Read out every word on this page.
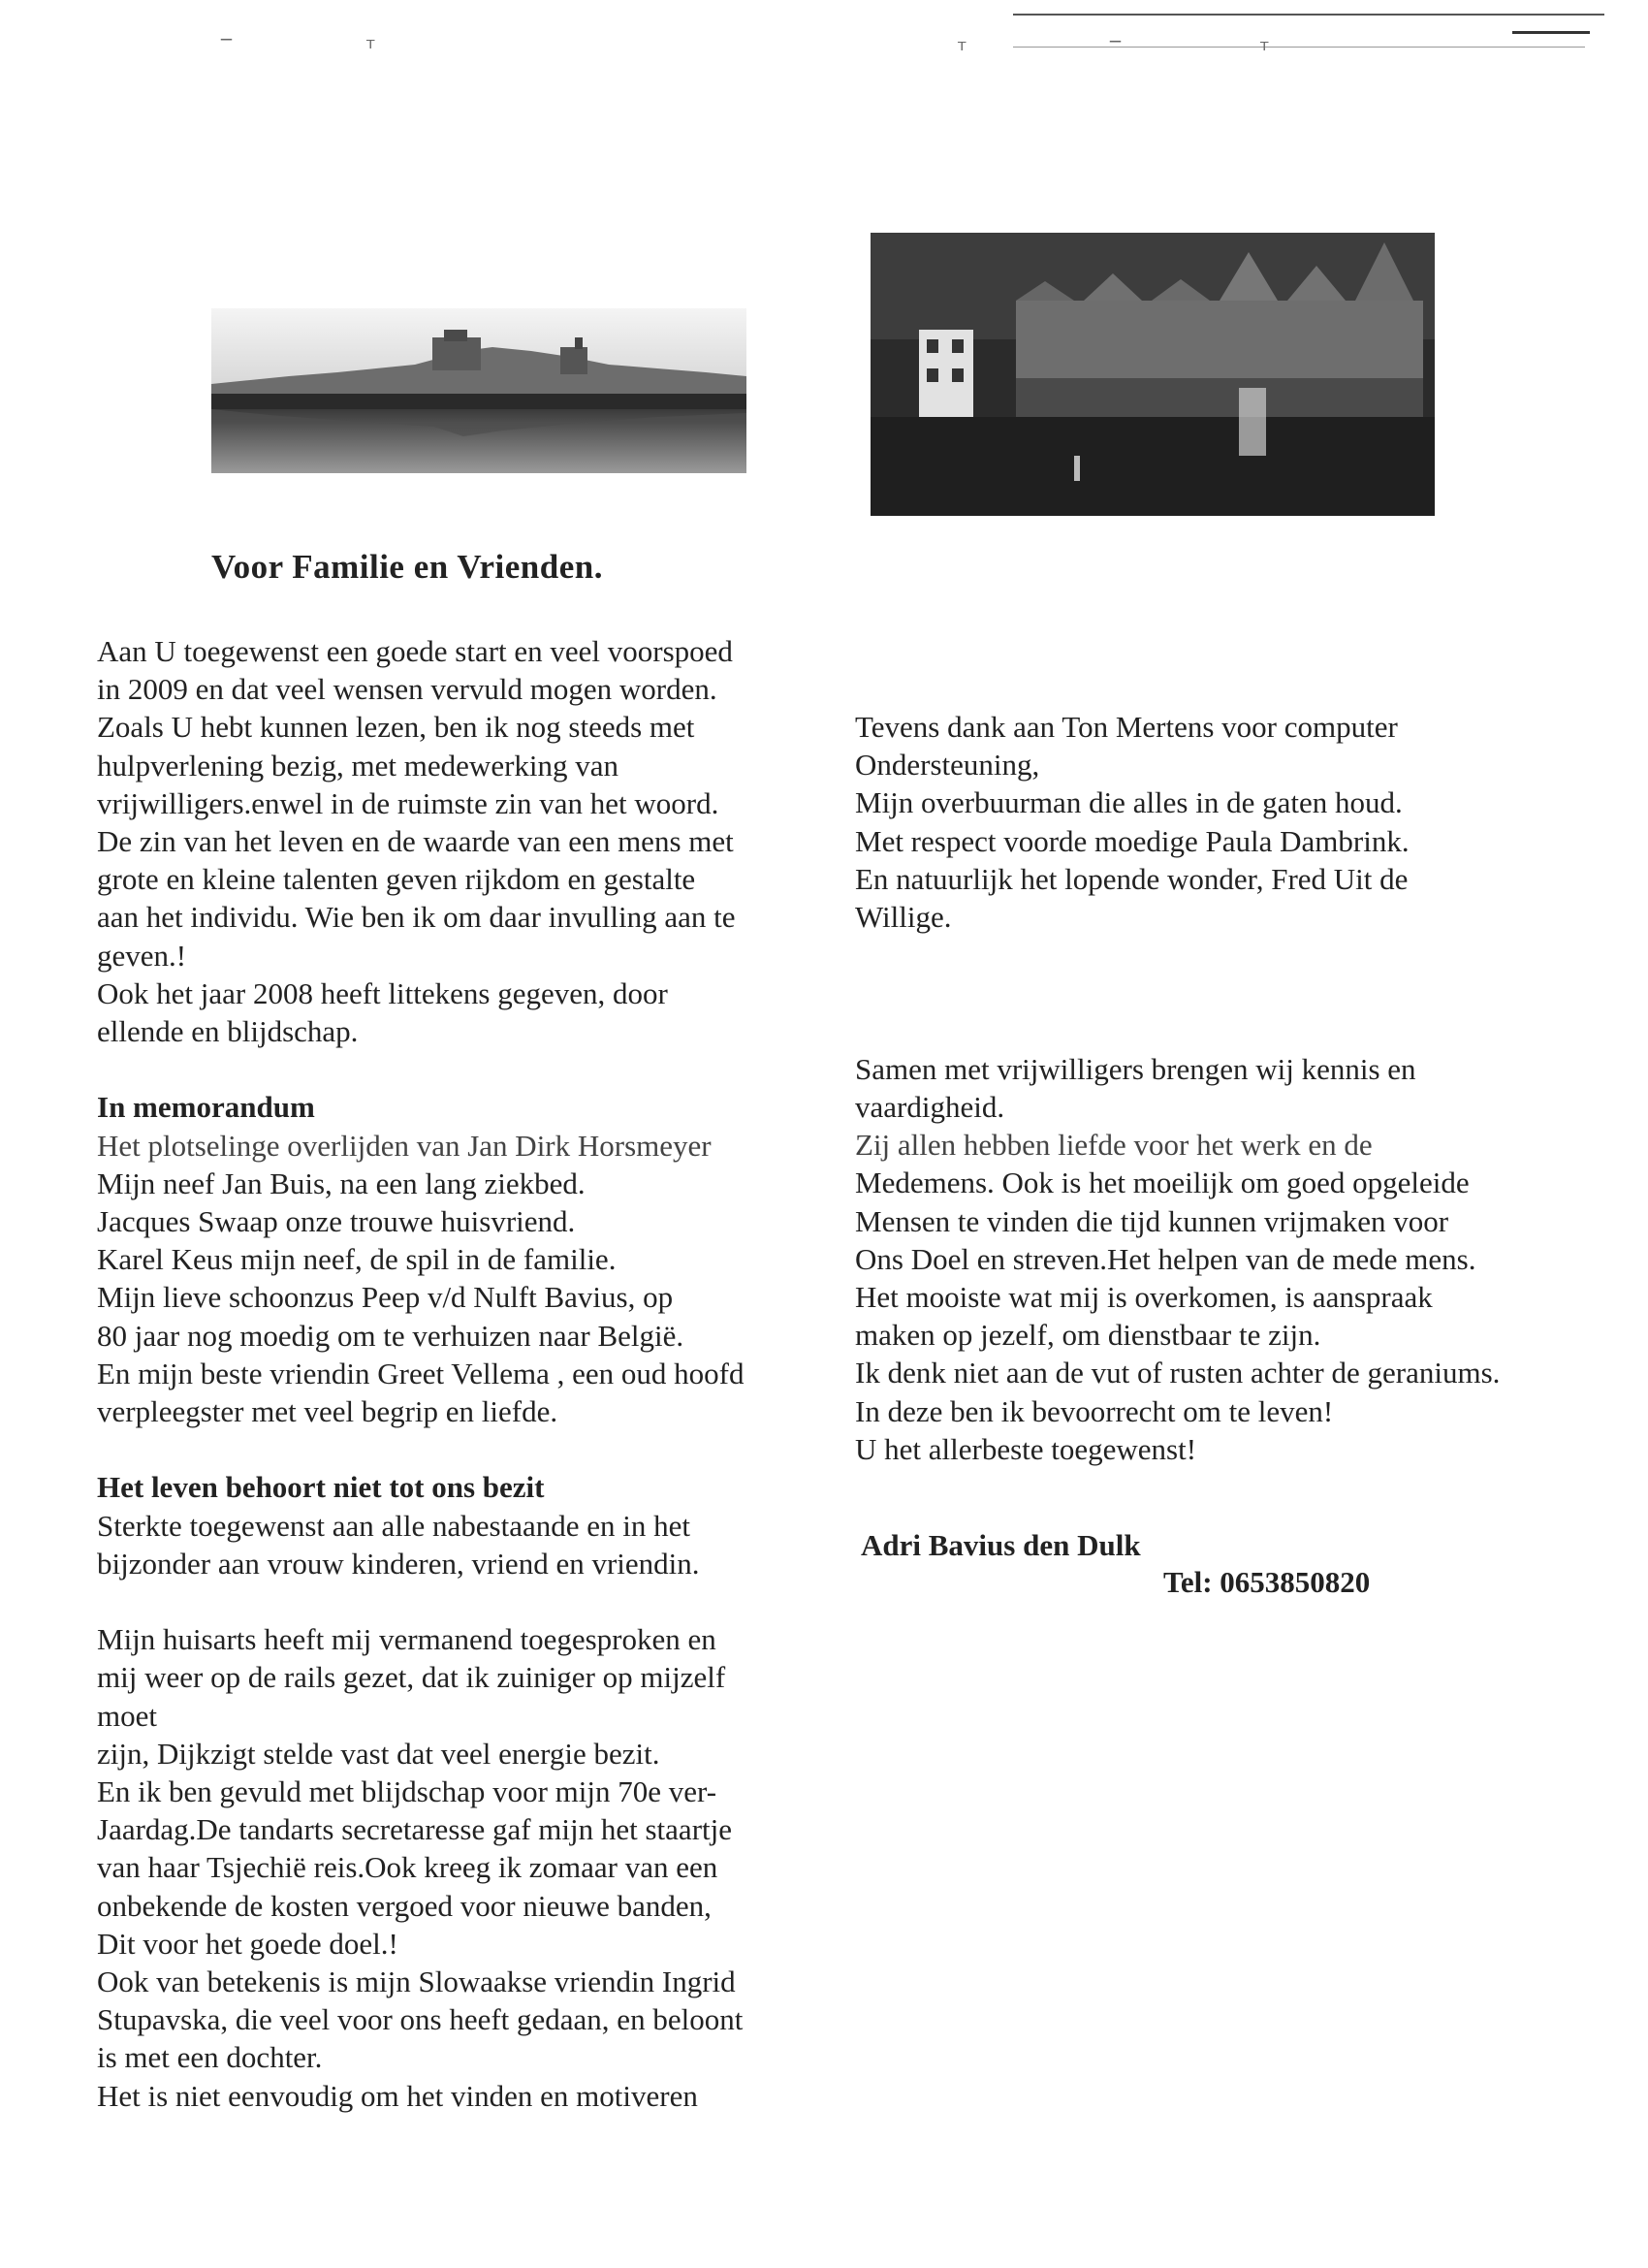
‾	ᵀ	ᵀ	‾	ᵀ
Voor Familie en Vrienden.

Aan U toegewenst een goede start en veel voorspoed

in 2009 en dat veel wensen vervuld mogen worden.

Zoals U hebt kunnen lezen, ben ik nog steeds met

hulpverlening bezig, met medewerking van

vrijwilligers.enwel in de ruimste zin van het woord.

De zin van het leven en de waarde van een mens met

grote en kleine talenten geven rijkdom en gestalte

aan het individu. Wie ben ik om daar invulling aan te

geven.!

Ook het jaar 2008 heeft littekens gegeven, door

ellende en blijdschap.

In memorandum

Het plotselinge overlijden van Jan Dirk Horsmeyer

Mijn neef Jan Buis, na een lang ziekbed.

Jacques Swaap onze trouwe huisvriend.

Karel Keus mijn neef, de spil in de familie.

Mijn lieve schoonzus Peep v/d Nulft Bavius, op

80 jaar nog moedig om te verhuizen naar België.

En mijn beste vriendin Greet Vellema , een oud hoofd

verpleegster met veel begrip en liefde.

Het leven behoort niet tot ons bezit

Sterkte toegewenst aan alle nabestaande en in het

bijzonder aan vrouw kinderen, vriend en vriendin.

Mijn huisarts heeft mij vermanend toegesproken en

mij weer op de rails gezet, dat ik zuiniger op mijzelf

moet

zijn, Dijkzigt stelde vast dat veel energie bezit.

En ik ben gevuld met blijdschap voor mijn 70e ver-

Jaardag.De tandarts secretaresse gaf mijn het staartje

van haar Tsjechië reis.Ook kreeg ik zomaar van een

onbekende de kosten vergoed voor nieuwe banden,

Dit voor het goede doel.!

Ook van betekenis is mijn Slowaakse vriendin Ingrid

Stupavska, die veel voor ons heeft gedaan, en beloont

is met een dochter.

Het is niet eenvoudig om het vinden en motiveren

Tevens dank aan Ton Mertens voor computer

Ondersteuning,

Mijn overbuurman die alles in de gaten houd.

Met respect voorde moedige Paula Dambrink.

En natuurlijk het lopende wonder, Fred Uit de

Willige.

Samen met vrijwilligers brengen wij kennis en

vaardigheid.

Zij allen hebben liefde voor het werk en de

Medemens. Ook is het moeilijk om goed opgeleide

Mensen te vinden die tijd kunnen vrijmaken voor

Ons Doel en streven.Het helpen van de mede mens.

Het mooiste wat mij is overkomen, is aanspraak

maken op jezelf, om dienstbaar te zijn.

Ik denk niet aan de vut of rusten achter de geraniums.

In deze ben ik bevoorrecht om te leven!

U het allerbeste toegewenst!

Adri Bavius den Dulk
Tel: 0653850820
